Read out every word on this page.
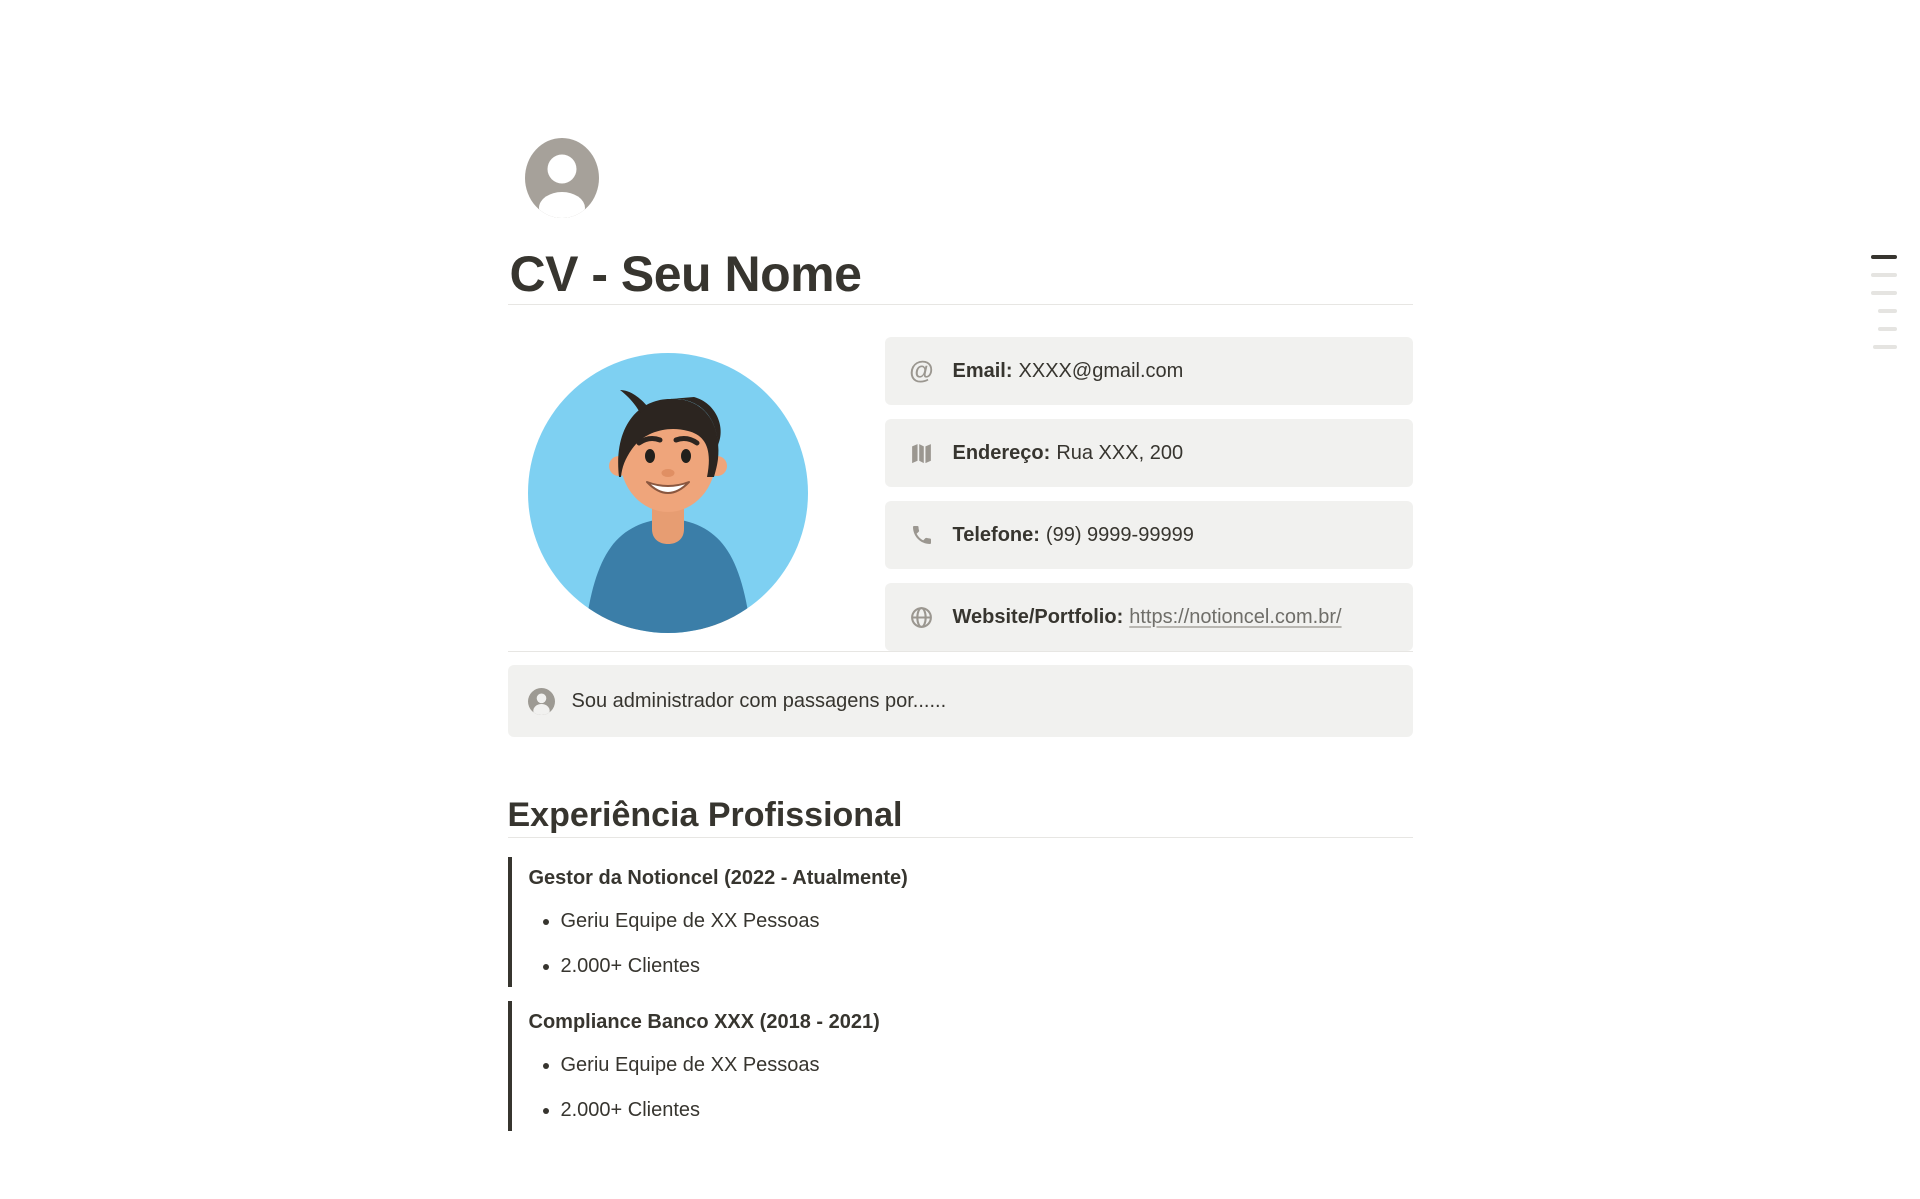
CV - Seu Nome
@ Email: XXXX@gmail.com
Endereço: Rua XXX, 200
Telefone: (99) 9999-99999
Website/Portfolio: https://notioncel.com.br/
Sou administrador com passagens por......
Experiência Profissional

Gestor da Notioncel (2022 - Atualmente)

• Geriu Equipe de XX Pessoas
• 2.000+ Clientes

Compliance Banco XXX (2018 - 2021)

• Geriu Equipe de XX Pessoas
• 2.000+ Clientes
